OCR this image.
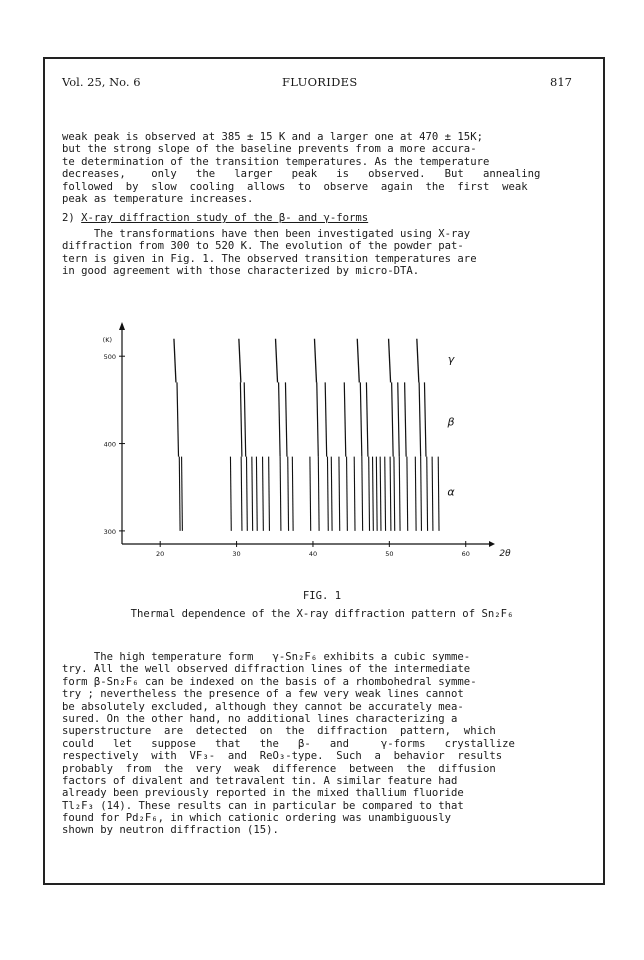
Vol. 25, No. 6	FLUORIDES	817
weak peak is observed at 385 ± 15 K and a larger one at 470 ± 15K;
but the strong slope of the baseline prevents from a more accura-
te determination of the transition temperatures. As the temperature
decreases,    only   the   larger   peak   is   observed.   But   annealing
followed  by  slow  cooling  allows  to  observe  again  the  first  weak
peak as temperature increases.
2) X-ray diffraction study of the β- and γ-forms
The transformations have then been investigated using X-ray
diffraction from 300 to 520 K. The evolution of the powder pat-
tern is given in Fig. 1. The observed transition temperatures are
in good agreement with those characterized by micro-DTA.
300
400
500
(K)
20	30	40	50	60	2θ
γ
β
α
FIG. 1
Thermal dependence of the X-ray diffraction pattern of Sn₂F₆
The high temperature form   γ-Sn₂F₆ exhibits a cubic symme-
try. All the well observed diffraction lines of the intermediate
form β-Sn₂F₆ can be indexed on the basis of a rhombohedral symme-
try ; nevertheless the presence of a few very weak lines cannot
be absolutely excluded, although they cannot be accurately mea-
sured. On the other hand, no additional lines characterizing a
superstructure  are  detected  on  the  diffraction  pattern,  which
could   let   suppose   that   the   β-   and     γ-forms   crystallize
respectively  with  VF₃-  and  ReO₃-type.  Such  a  behavior  results
probably  from  the  very  weak  difference  between  the  diffusion
factors of divalent and tetravalent tin. A similar feature had
already been previously reported in the mixed thallium fluoride
Tl₂F₃ (14). These results can in particular be compared to that
found for Pd₂F₆, in which cationic ordering was unambiguously
shown by neutron diffraction (15).
